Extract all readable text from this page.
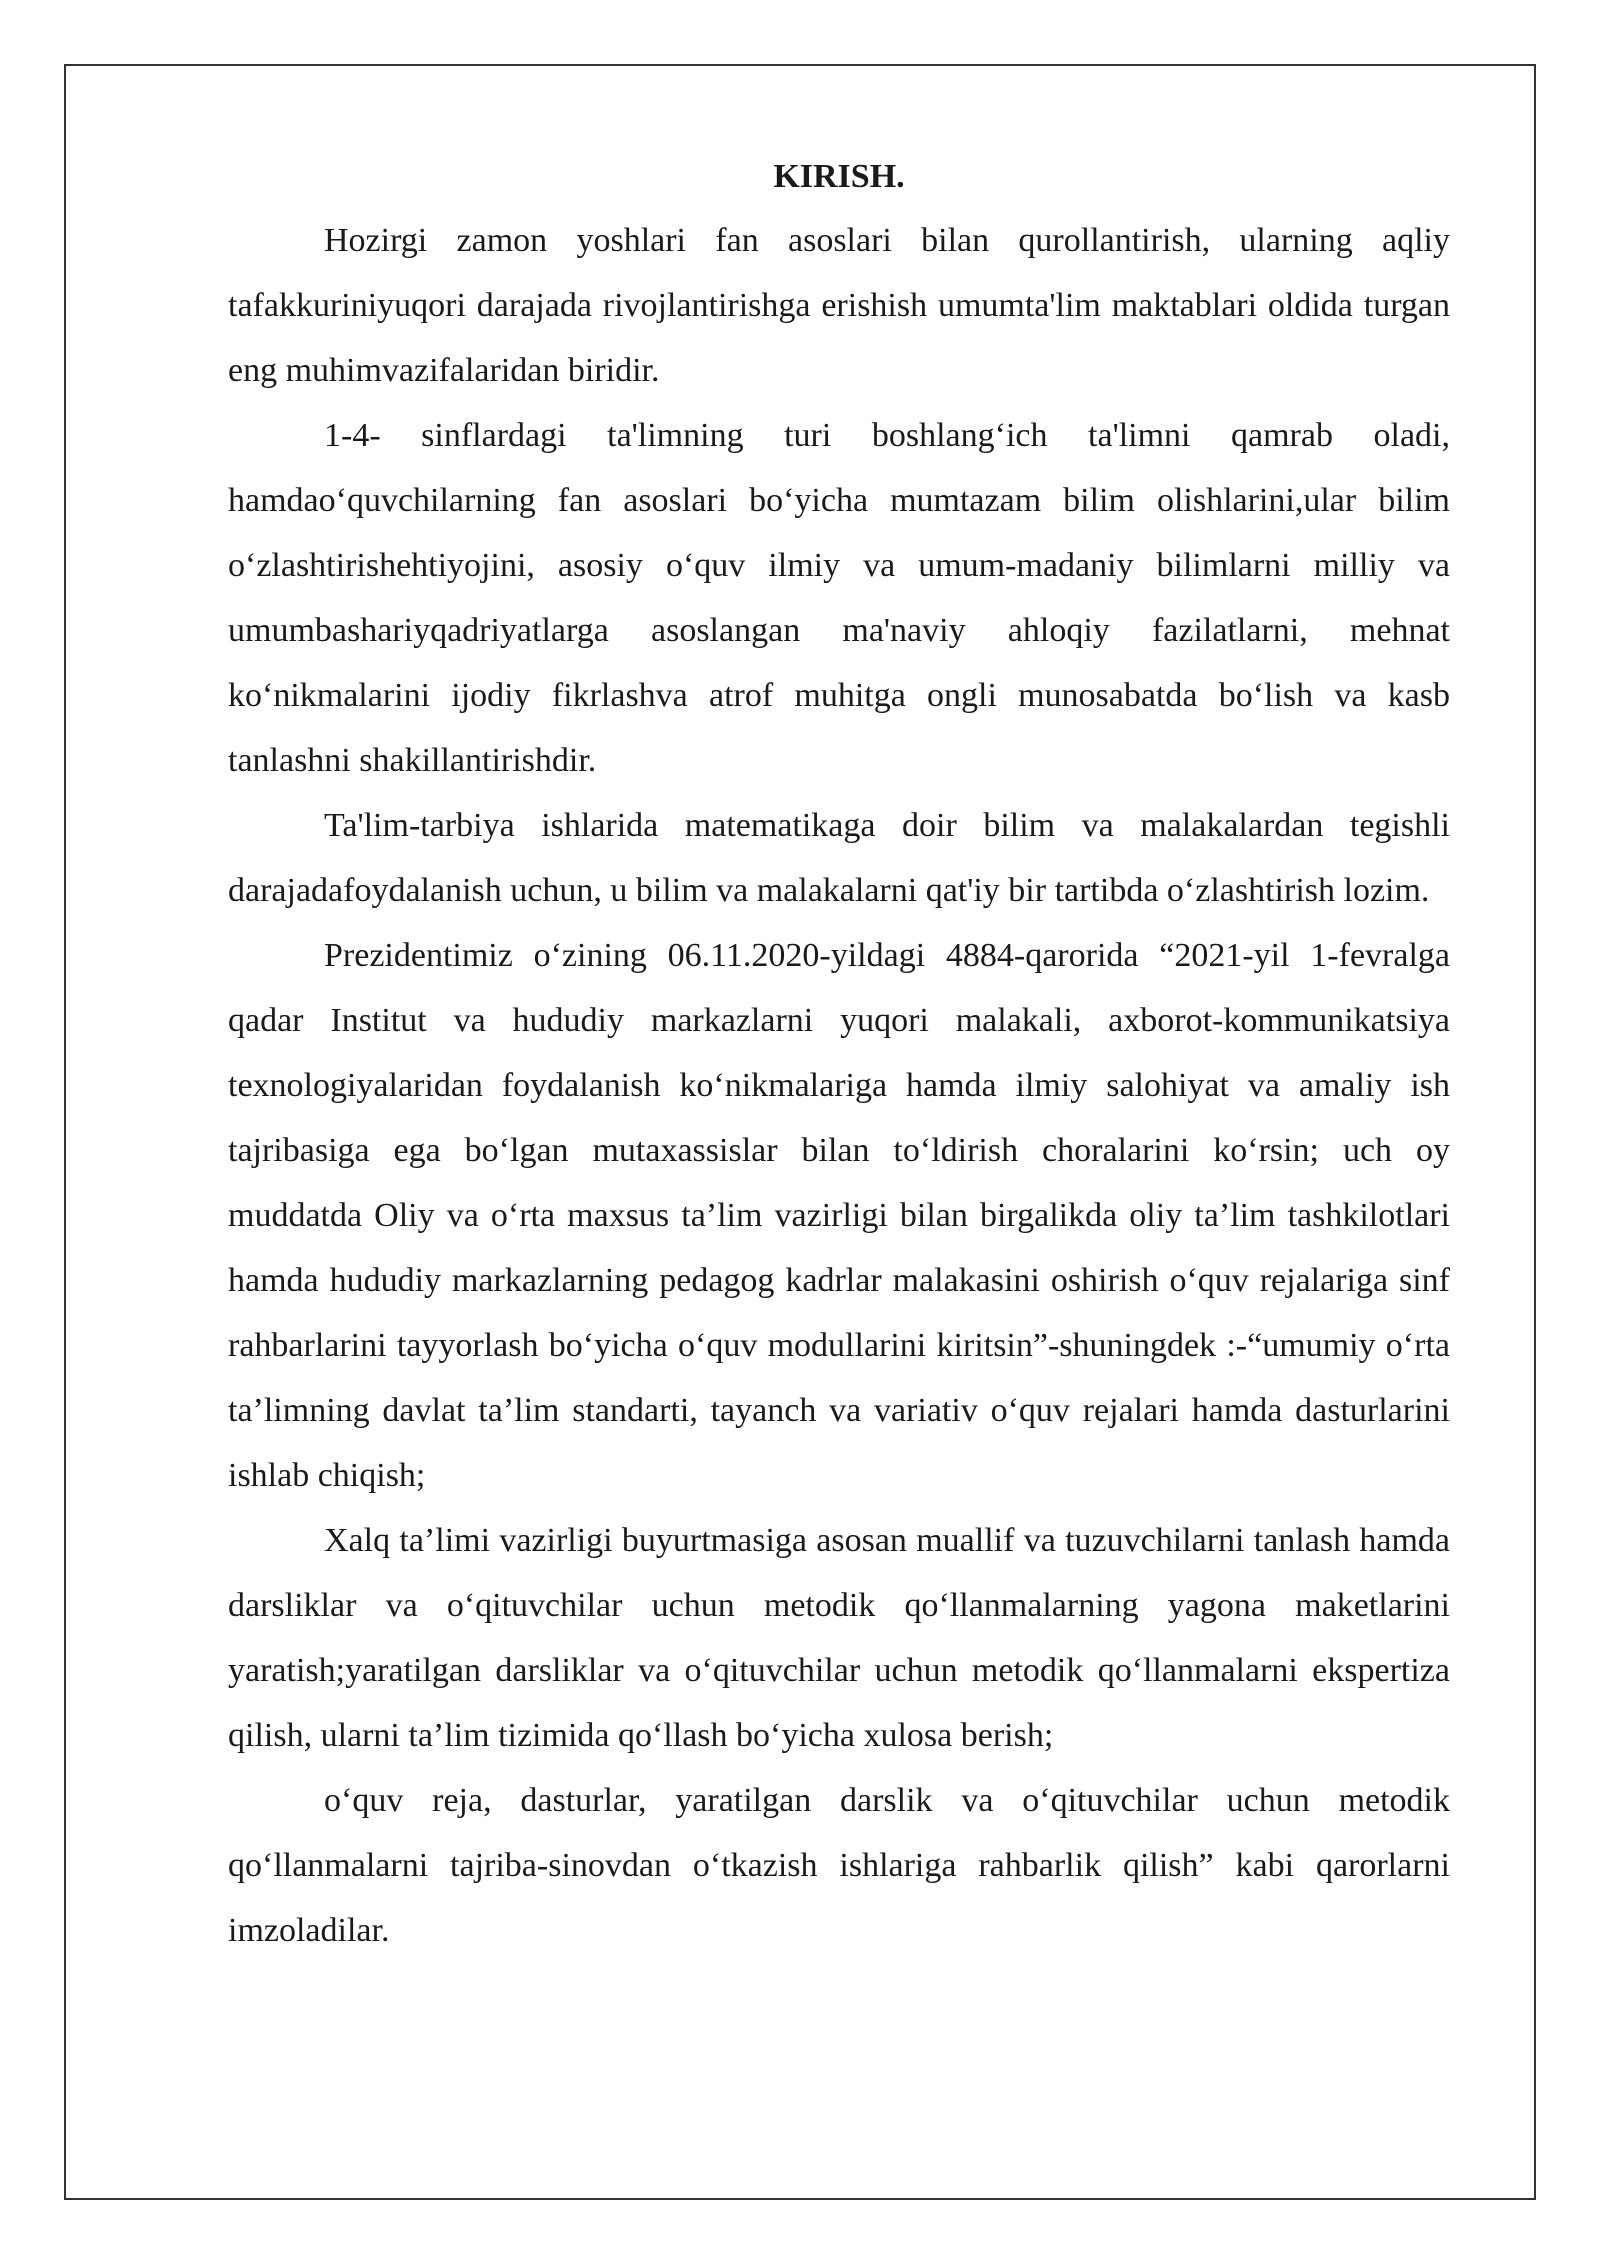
KIRISH.

Hozirgi zamon yoshlari fan asoslari bilan qurollantirish, ularning aqliy tafakkuriniyuqori darajada rivojlantirishga erishish umumta'lim maktablari oldida turgan eng muhimvazifalaridan biridir.

1-4- sinflardagi ta'limning turi boshlang‘ich ta'limni qamrab oladi, hamdao‘quvchilarning fan asoslari bo‘yicha mumtazam bilim olishlarini,ular bilim o‘zlashtirishehtiyojini, asosiy o‘quv ilmiy va umum-madaniy bilimlarni milliy va umumbashariyqadriyatlarga asoslangan ma'naviy ahloqiy fazilatlarni, mehnat ko‘nikmalarini ijodiy fikrlashva atrof muhitga ongli munosabatda bo‘lish va kasb tanlashni shakillantirishdir.

Ta'lim-tarbiya ishlarida matematikaga doir bilim va malakalardan tegishli darajadafoydalanish uchun, u bilim va malakalarni qat'iy bir tartibda o‘zlashtirish lozim.

Prezidentimiz o‘zining 06.11.2020-yildagi 4884-qarorida “2021-yil 1-fevralga qadar Institut va hududiy markazlarni yuqori malakali, axborot-kommunikatsiya texnologiyalaridan foydalanish ko‘nikmalariga hamda ilmiy salohiyat va amaliy ish tajribasiga ega bo‘lgan mutaxassislar bilan to‘ldirish choralarini ko‘rsin; uch oy muddatda Oliy va o‘rta maxsus ta’lim vazirligi bilan birgalikda oliy ta’lim tashkilotlari hamda hududiy markazlarning pedagog kadrlar malakasini oshirish o‘quv rejalariga sinf rahbarlarini tayyorlash bo‘yicha o‘quv modullarini kiritsin”-shuningdek :-“umumiy o‘rta ta’limning davlat ta’lim standarti, tayanch va variativ o‘quv rejalari hamda dasturlarini ishlab chiqish;

Xalq ta’limi vazirligi buyurtmasiga asosan muallif va tuzuvchilarni tanlash hamda darsliklar va o‘qituvchilar uchun metodik qo‘llanmalarning yagona maketlarini yaratish;yaratilgan darsliklar va o‘qituvchilar uchun metodik qo‘llanmalarni ekspertiza qilish, ularni ta’lim tizimida qo‘llash bo‘yicha xulosa berish;

o‘quv reja, dasturlar, yaratilgan darslik va o‘qituvchilar uchun metodik qo‘llanmalarni tajriba-sinovdan o‘tkazish ishlariga rahbarlik qilish” kabi qarorlarni imzoladilar.
